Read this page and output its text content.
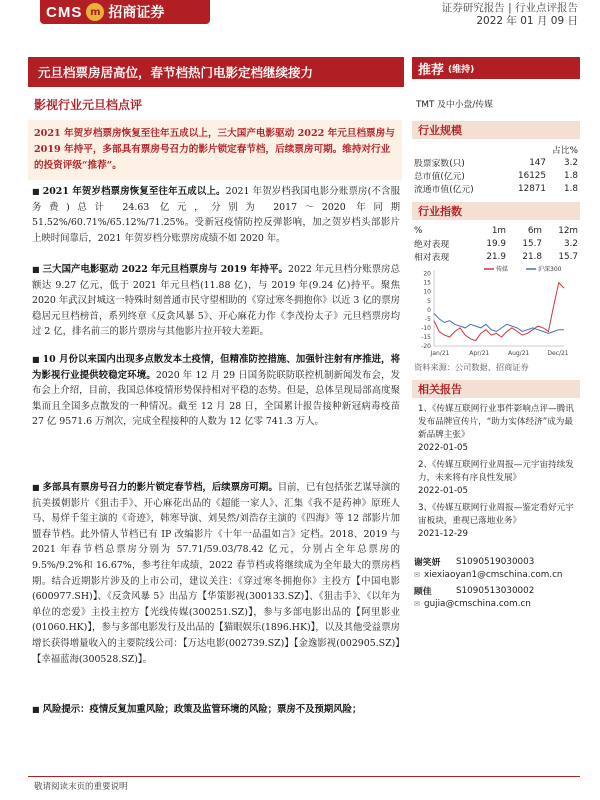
CMS m 招商证券	证券研究报告 | 行业点评报告
2022 年 01 月 09 日
元旦档票房居高位，春节档热门电影定档继续接力
影视行业元旦档点评
2021 年贺岁档票房恢复至往年五成以上，三大国产电影驱动 2022 年元旦档票房与 2019 年持平，多部具有票房号召力的影片锁定春节档，后续票房可期。维持对行业的投资评级“推荐”。
■ 2021 年贺岁档票房恢复至往年五成以上。2021 年贺岁档我国电影分账票房(不含服务费)总计 24.63 亿元，分别为 2017～2020 年同期 51.52%/60.71%/65.12%/71.25%。受新冠疫情防控反弹影响，加之贺岁档头部影片上映时间靠后，2021 年贺岁档分账票房成绩不如 2020 年。
■ 三大国产电影驱动 2022 年元旦档票房与 2019 年持平。2022 年元旦档分账票房总额达 9.27 亿元，低于 2021 年元旦档(11.88 亿)，与 2019 年(9.24 亿)持平。聚焦 2020 年武汉封城这一特殊时刻普通市民守望相助的《穿过寒冬拥抱你》以近 3 亿的票房稳居元旦档榜首，系列终章《反贪风暴 5》、开心麻花力作《李茂扮太子》元旦档票房均过 2 亿，排名前三的影片票房与其他影片拉开较大差距。
■ 10 月份以来国内出现多点散发本土疫情，但精准防控措施、加强针注射有序推进，将为影视行业提供较稳定环境。2020 年 12 月 29 日国务院联防联控机制新闻发布会，发布会上介绍，目前，我国总体疫情形势保持相对平稳的态势。但是，总体呈现局部高度聚集而且全国多点散发的一种情况。截至 12 月 28 日，全国累计报告接种新冠病毒疫苗 27 亿 9571.6 万剂次，完成全程接种的人数为 12 亿零 741.3 万人。
■ 多部具有票房号召力的影片锁定春节档，后续票房可期。目前，已有包括张艺谋导演的抗美援朝影片《狙击手》、开心麻花出品的《超能一家人》、汇集《我不是药神》原班人马、易烊千玺主演的《奇迹》，韩寒导演、刘昊然/刘浩存主演的《四海》等 12 部影片加盟春节档。此外情人节档已有 IP 改编影片《十年一品温如言》定档。2018、2019 与 2021 年春节档总票房分别为 57.71/59.03/78.42 亿元，分别占全年总票房的 9.5%/9.2%和 16.67%，参考往年成绩，2022 春节档或将继续成为全年最大的票房档期。结合近期影片涉及的上市公司，建议关注：《穿过寒冬拥抱你》主投方【中国电影(600977.SH)】、《反贪风暴 5》出品方【华策影视(300133.SZ)】、《狙击手》、《以年为单位的恋爱》主投主控方【光线传媒(300251.SZ)】，参与多部电影出品的【阿里影业(01060.HK)】，参与多部电影发行及出品的【猫眼娱乐(1896.HK)】，以及其他受益票房增长获得增量收入的主要院线公司：【万达电影(002739.SZ)】【金逸影视(002905.SZ)】【幸福蓝海(300528.SZ)】。
■ 风险提示：疫情反复加重风险；政策及监管环境的风险；票房不及预期风险；
推荐 (维持)
TMT 及中小盘/传媒
行业规模
		占比%
股票家数(只)	147	3.2
总市值(亿元)	16125	1.8
流通市值(亿元)	12871	1.8
行业指数
%	1m	6m	12m
绝对表现	19.9	15.7	3.2
相对表现	21.9	21.8	15.7
20
15
10
5
0
-5
-10
-15
-20
Jan/21	Apr/21	Aug/21	Dec/21
传媒	沪深300
资料来源：公司数据、招商证券
相关报告
1、《传媒互联网行业事件影响点评—腾讯发布品牌宣传片，“助力实体经济”成为最新品牌主张》
2022-01-05
2、《传媒互联网行业周报—元宇宙持续发力，未来将有序良性发展》
2022-01-05
3、《传媒互联网行业周报—鉴定看好元宇宙板块，重视已落地业务》
2021-12-29
谢笑妍	S1090519030003
✉ xiexiaoyan1@cmschina.com.cn
顾佳	S1090513030002
✉ gujia@cmschina.com.cn
敬请阅读末页的重要说明
